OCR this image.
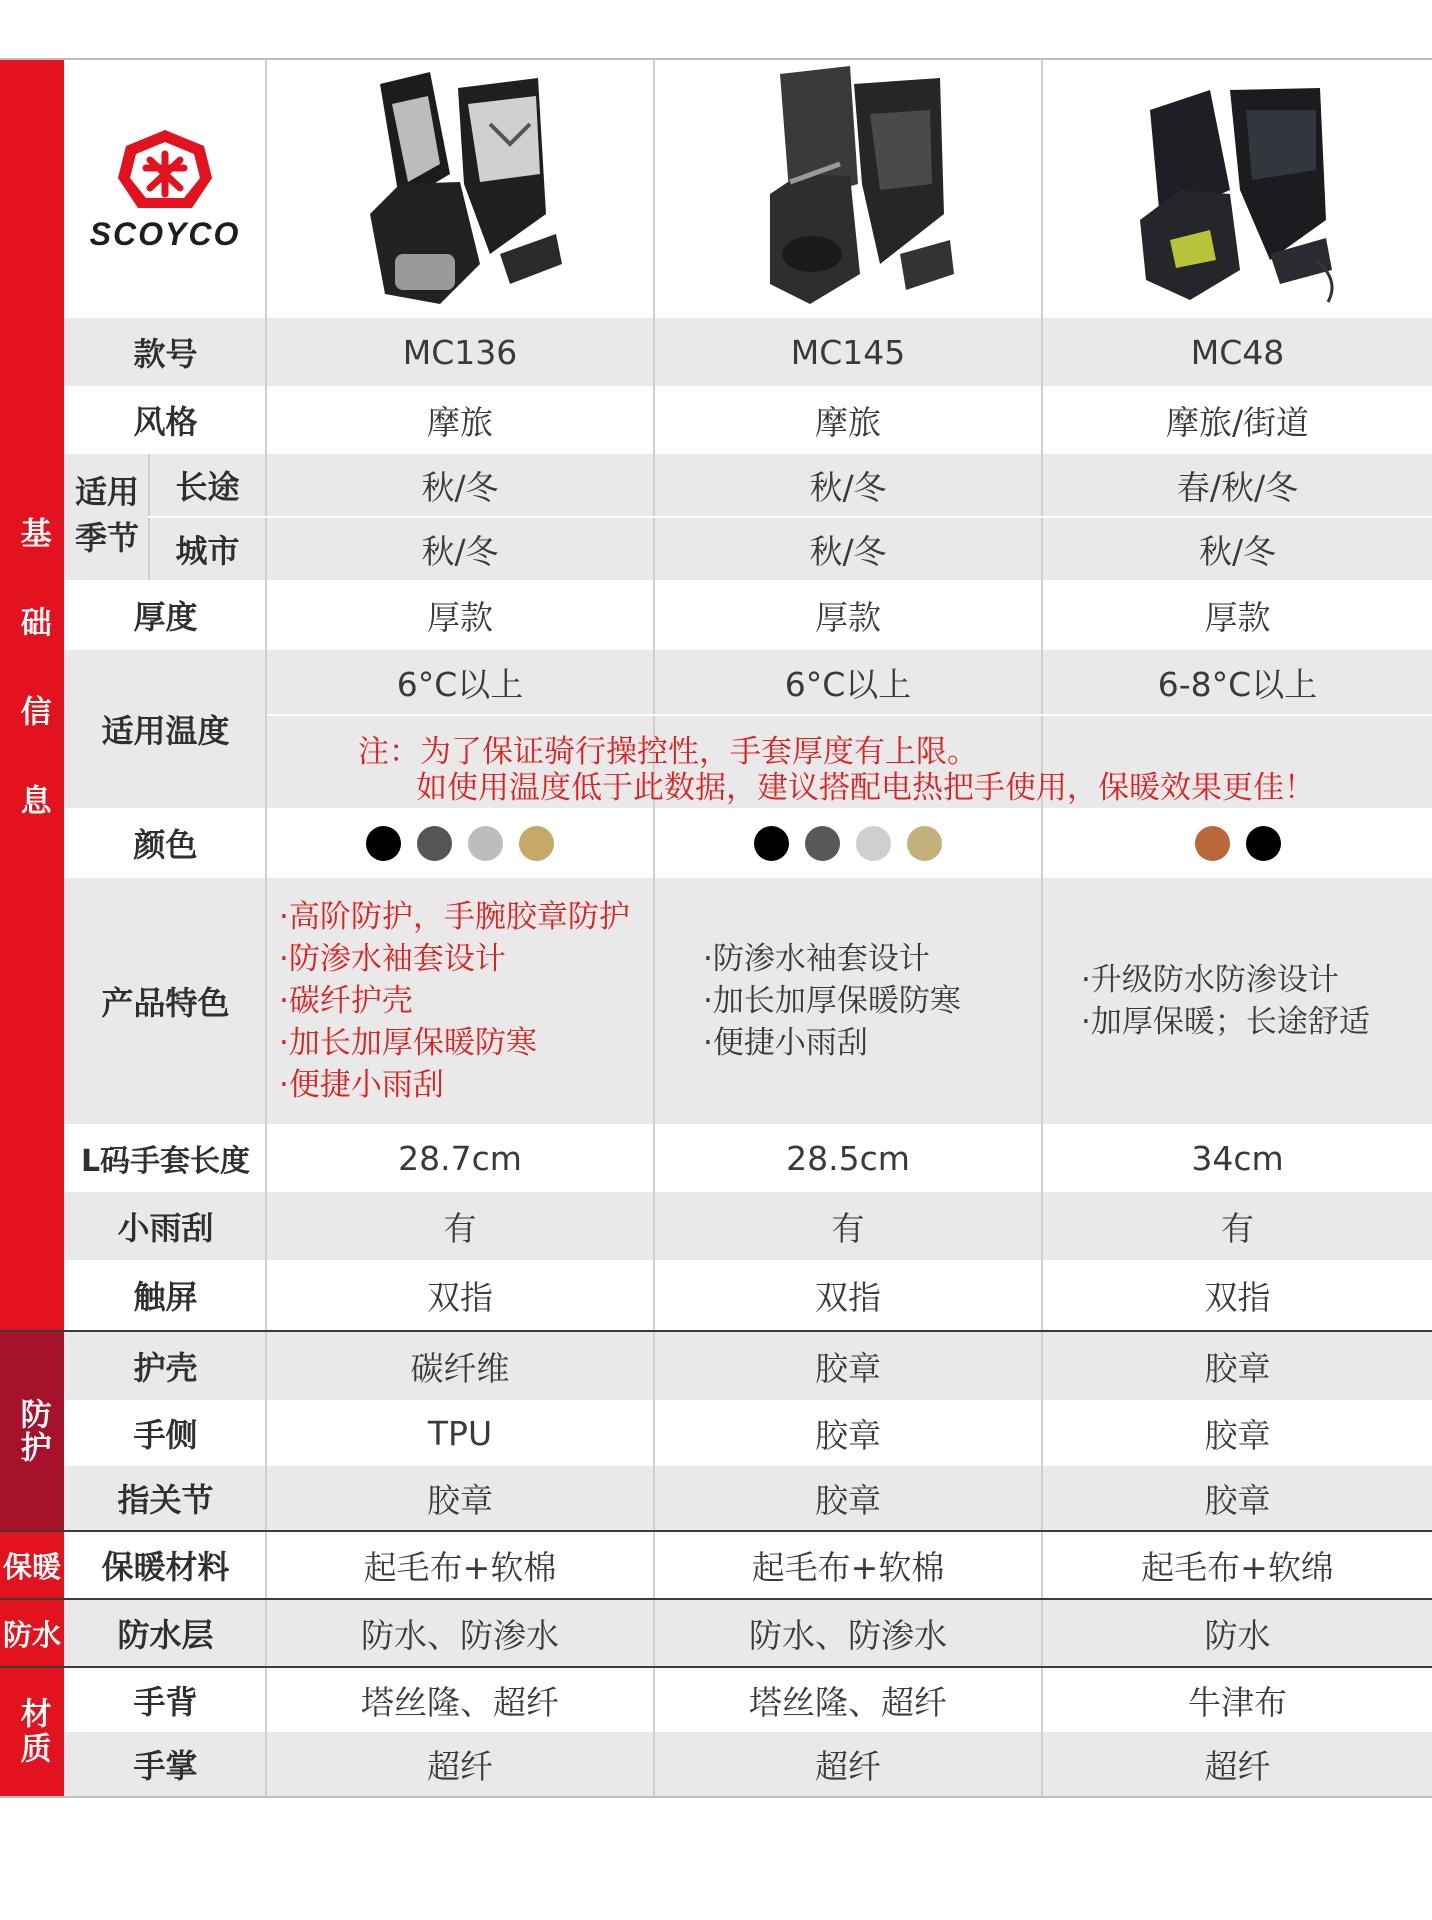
基础信息
防护
保暖
防水
材质
SCOYCO
款号
风格
适用
季节
长途
城市
厚度
适用温度
颜色
产品特色
L码手套长度
小雨刮
触屏
护壳
手侧
指关节
保暖材料
防水层
手背
手掌
MC136
摩旅
秋/冬
秋/冬
厚款
6°C以上
28.7cm
有
双指
碳纤维
TPU
胶章
起毛布+软棉
防水、防渗水
塔丝隆、超纤
超纤
·高阶防护，手腕胶章防护
·防渗水袖套设计
·碳纤护壳
·加长加厚保暖防寒
·便捷小雨刮
MC145
摩旅
秋/冬
秋/冬
厚款
6°C以上
28.5cm
有
双指
胶章
胶章
胶章
起毛布+软棉
防水、防渗水
塔丝隆、超纤
超纤
·防渗水袖套设计
·加长加厚保暖防寒
·便捷小雨刮
MC48
摩旅/街道
春/秋/冬
秋/冬
厚款
6-8°C以上
34cm
有
双指
胶章
胶章
胶章
起毛布+软绵
防水
牛津布
超纤
·升级防水防渗设计
·加厚保暖；长途舒适
注：为了保证骑行操控性，手套厚度有上限。
如使用温度低于此数据，建议搭配电热把手使用，保暖效果更佳！
